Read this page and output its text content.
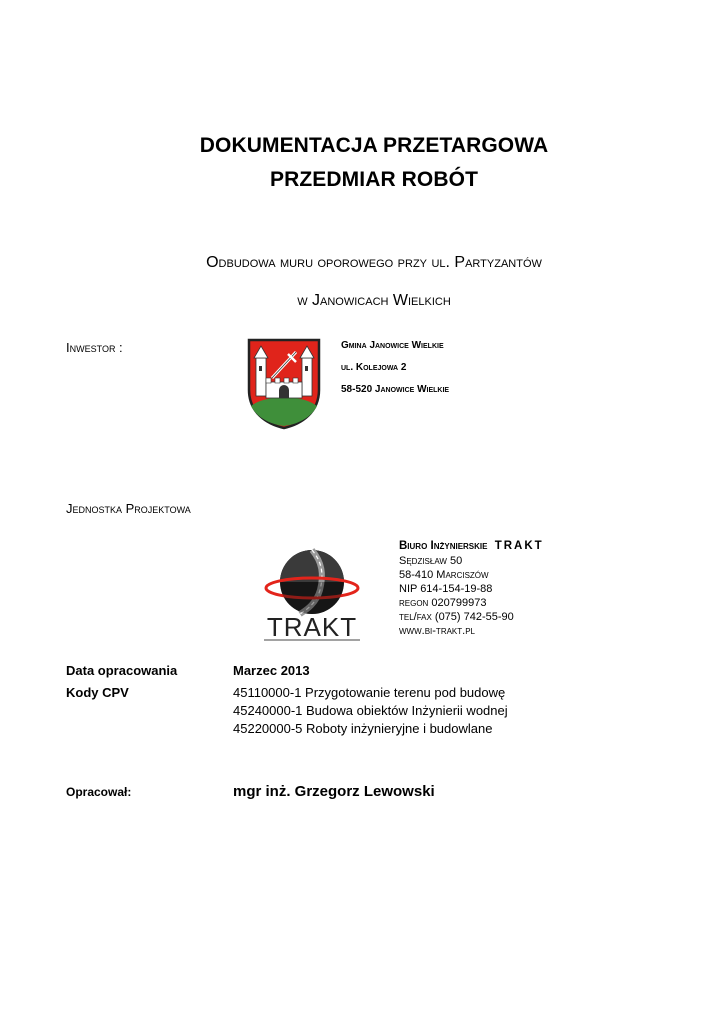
DOKUMENTACJA PRZETARGOWA
PRZEDMIAR ROBÓT
Odbudowa muru oporowego przy ul. Partyzantów
w Janowicach Wielkich
Inwestor :	Gmina Janowice Wielkie
ul. Kolejowa 2
58-520 Janowice Wielkie
Jednostka Projektowa
TRAKT
Biuro Inżynierskie TRAKT
Sędzisław 50
58-410 Marciszów
NIP 614-154-19-88
regon 020799973
tel/fax (075) 742-55-90
www.bi-trakt.pl
Data opracowania	Marzec 2013
Kody CPV	45110000-1 Przygotowanie terenu pod budowę
45240000-1 Budowa obiektów Inżynierii wodnej
45220000-5 Roboty inżynieryjne i budowlane
Opracował:	mgr inż. Grzegorz Lewowski
